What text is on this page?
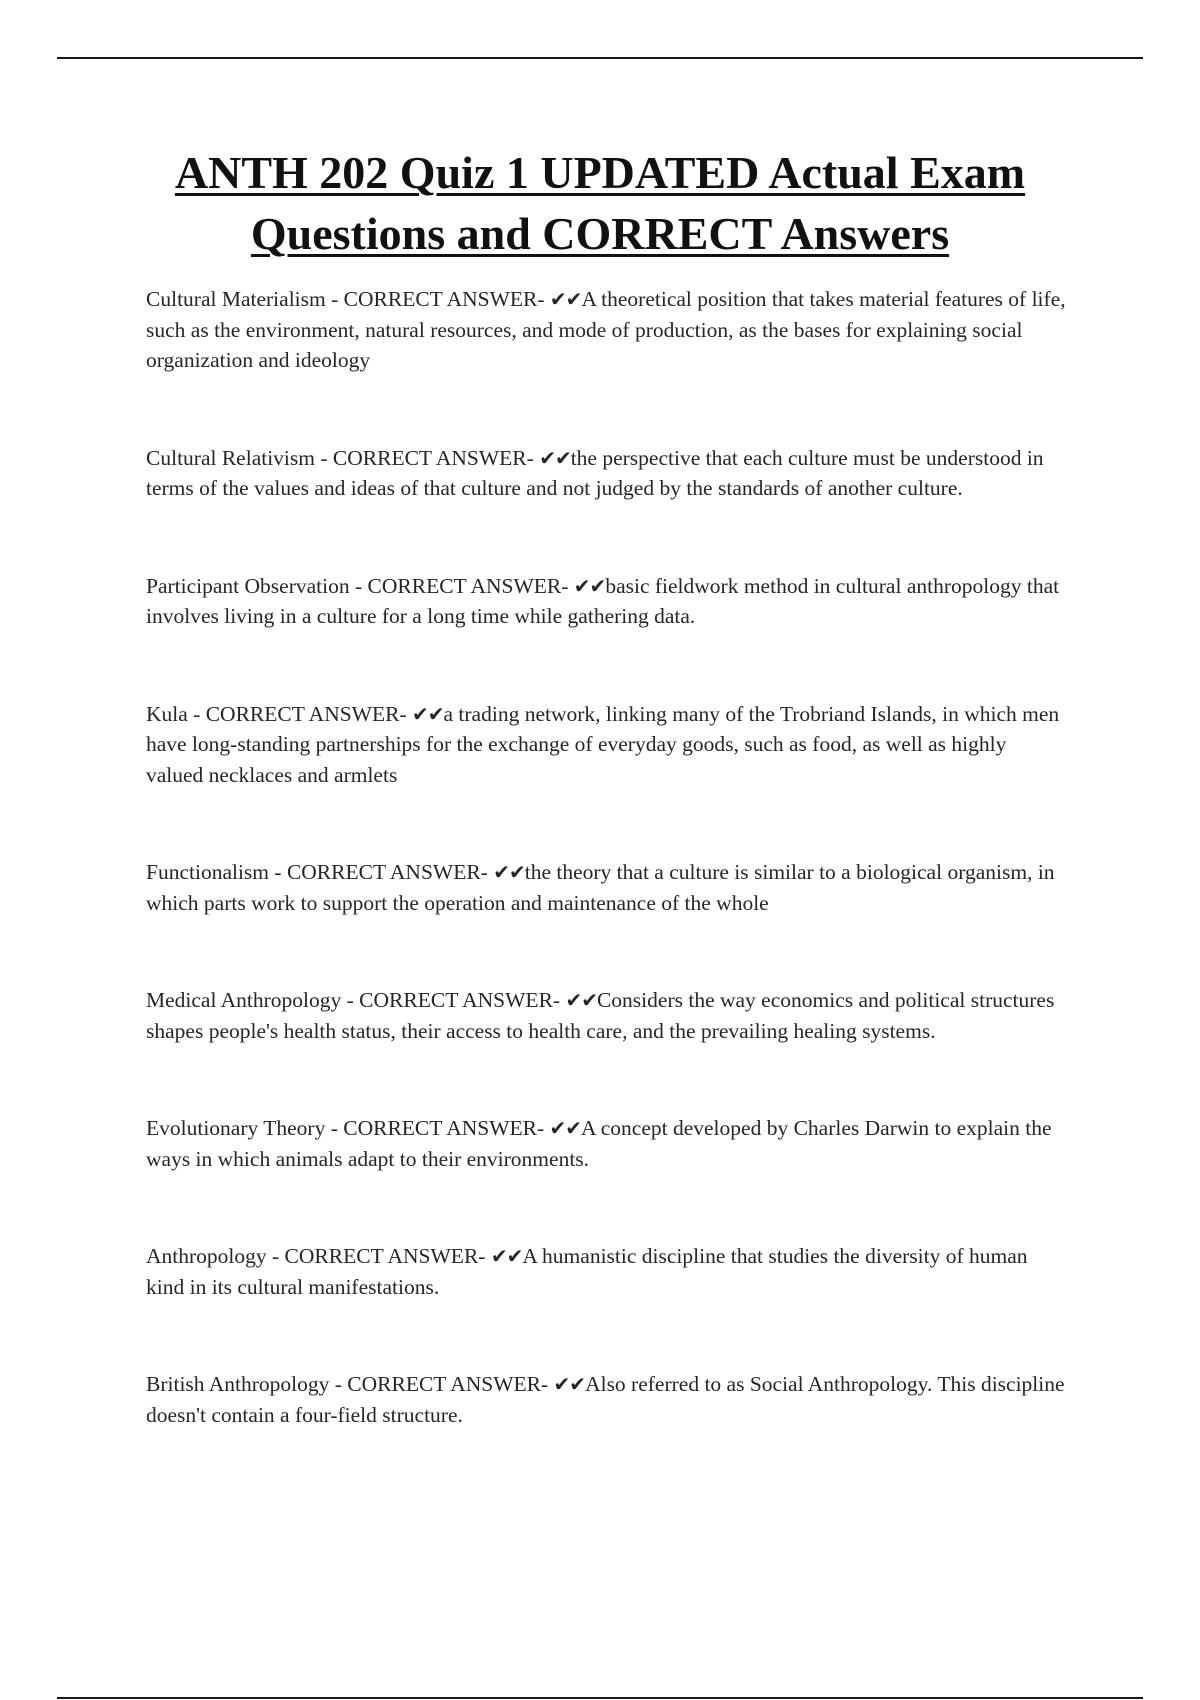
ANTH 202 Quiz 1 UPDATED Actual Exam Questions and CORRECT Answers
Cultural Materialism - CORRECT ANSWER- ✔✔A theoretical position that takes material features of life, such as the environment, natural resources, and mode of production, as the bases for explaining social organization and ideology
Cultural Relativism - CORRECT ANSWER- ✔✔the perspective that each culture must be understood in terms of the values and ideas of that culture and not judged by the standards of another culture.
Participant Observation - CORRECT ANSWER- ✔✔basic fieldwork method in cultural anthropology that involves living in a culture for a long time while gathering data.
Kula - CORRECT ANSWER- ✔✔a trading network, linking many of the Trobriand Islands, in which men have long-standing partnerships for the exchange of everyday goods, such as food, as well as highly valued necklaces and armlets
Functionalism - CORRECT ANSWER- ✔✔the theory that a culture is similar to a biological organism, in which parts work to support the operation and maintenance of the whole
Medical Anthropology - CORRECT ANSWER- ✔✔Considers the way economics and political structures shapes people's health status, their access to health care, and the prevailing healing systems.
Evolutionary Theory - CORRECT ANSWER- ✔✔A concept developed by Charles Darwin to explain the ways in which animals adapt to their environments.
Anthropology - CORRECT ANSWER- ✔✔A humanistic discipline that studies the diversity of human kind in its cultural manifestations.
British Anthropology - CORRECT ANSWER- ✔✔Also referred to as Social Anthropology. This discipline doesn't contain a four-field structure.
